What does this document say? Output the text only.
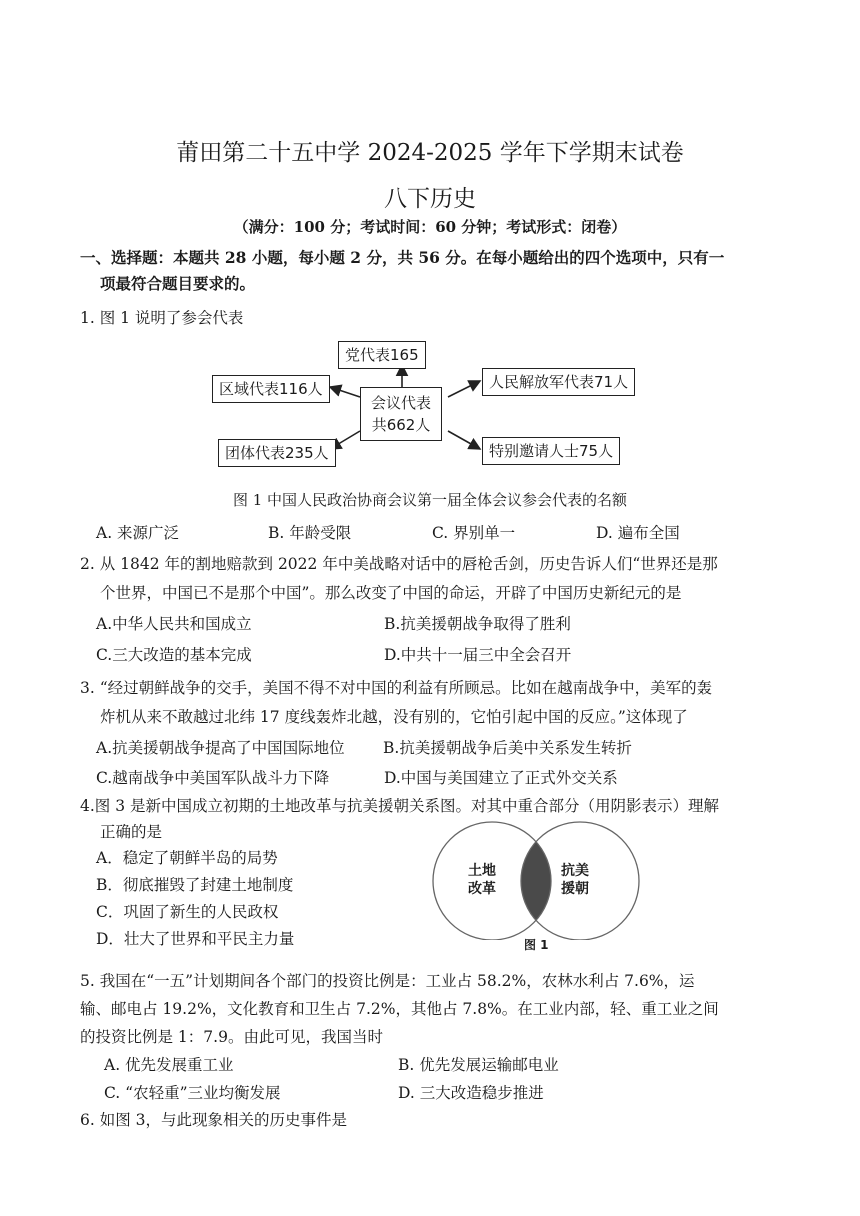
莆田第二十五中学 2024-2025 学年下学期末试卷
八下历史
（满分：100 分；考试时间：60 分钟；考试形式：闭卷）
一、选择题：本题共 28 小题，每小题 2 分，共 56 分。在每小题给出的四个选项中，只有一
项最符合题目要求的。
1. 图 1 说明了参会代表
党代表165
区域代表116人	人民解放军代表71人
会议代表
共662人
团体代表235人	特别邀请人士75人
图 1 中国人民政治协商会议第一届全体会议参会代表的名额
A. 来源广泛	B. 年龄受限	C. 界别单一	D. 遍布全国
2. 从 1842 年的割地赔款到 2022 年中美战略对话中的唇枪舌剑，历史告诉人们“世界还是那
个世界，中国已不是那个中国”。那么改变了中国的命运，开辟了中国历史新纪元的是
A.中华人民共和国成立	B.抗美援朝战争取得了胜利
C.三大改造的基本完成	D.中共十一届三中全会召开
3. “经过朝鲜战争的交手，美国不得不对中国的利益有所顾忌。比如在越南战争中，美军的轰
炸机从来不敢越过北纬 17 度线轰炸北越，没有别的，它怕引起中国的反应。”这体现了
A.抗美援朝战争提高了中国国际地位 B.抗美援朝战争后美中关系发生转折
C.越南战争中美国军队战斗力下降	D.中国与美国建立了正式外交关系
4.图 3 是新中国成立初期的土地改革与抗美援朝关系图。对其中重合部分（用阴影表示）理解
正确的是
A．稳定了朝鲜半岛的局势
B．彻底摧毁了封建土地制度
C．巩固了新生的人民政权
D．壮大了世界和平民主力量
土地
改革
抗美
援朝
图 1
5. 我国在“一五”计划期间各个部门的投资比例是：工业占 58.2%，农林水利占 7.6%，运
输、邮电占 19.2%，文化教育和卫生占 7.2%，其他占 7.8%。在工业内部，轻、重工业之间
的投资比例是 1：7.9。由此可见，我国当时
A. 优先发展重工业	B. 优先发展运输邮电业
C. “农轻重”三业均衡发展	D. 三大改造稳步推进
6. 如图 3，与此现象相关的历史事件是
